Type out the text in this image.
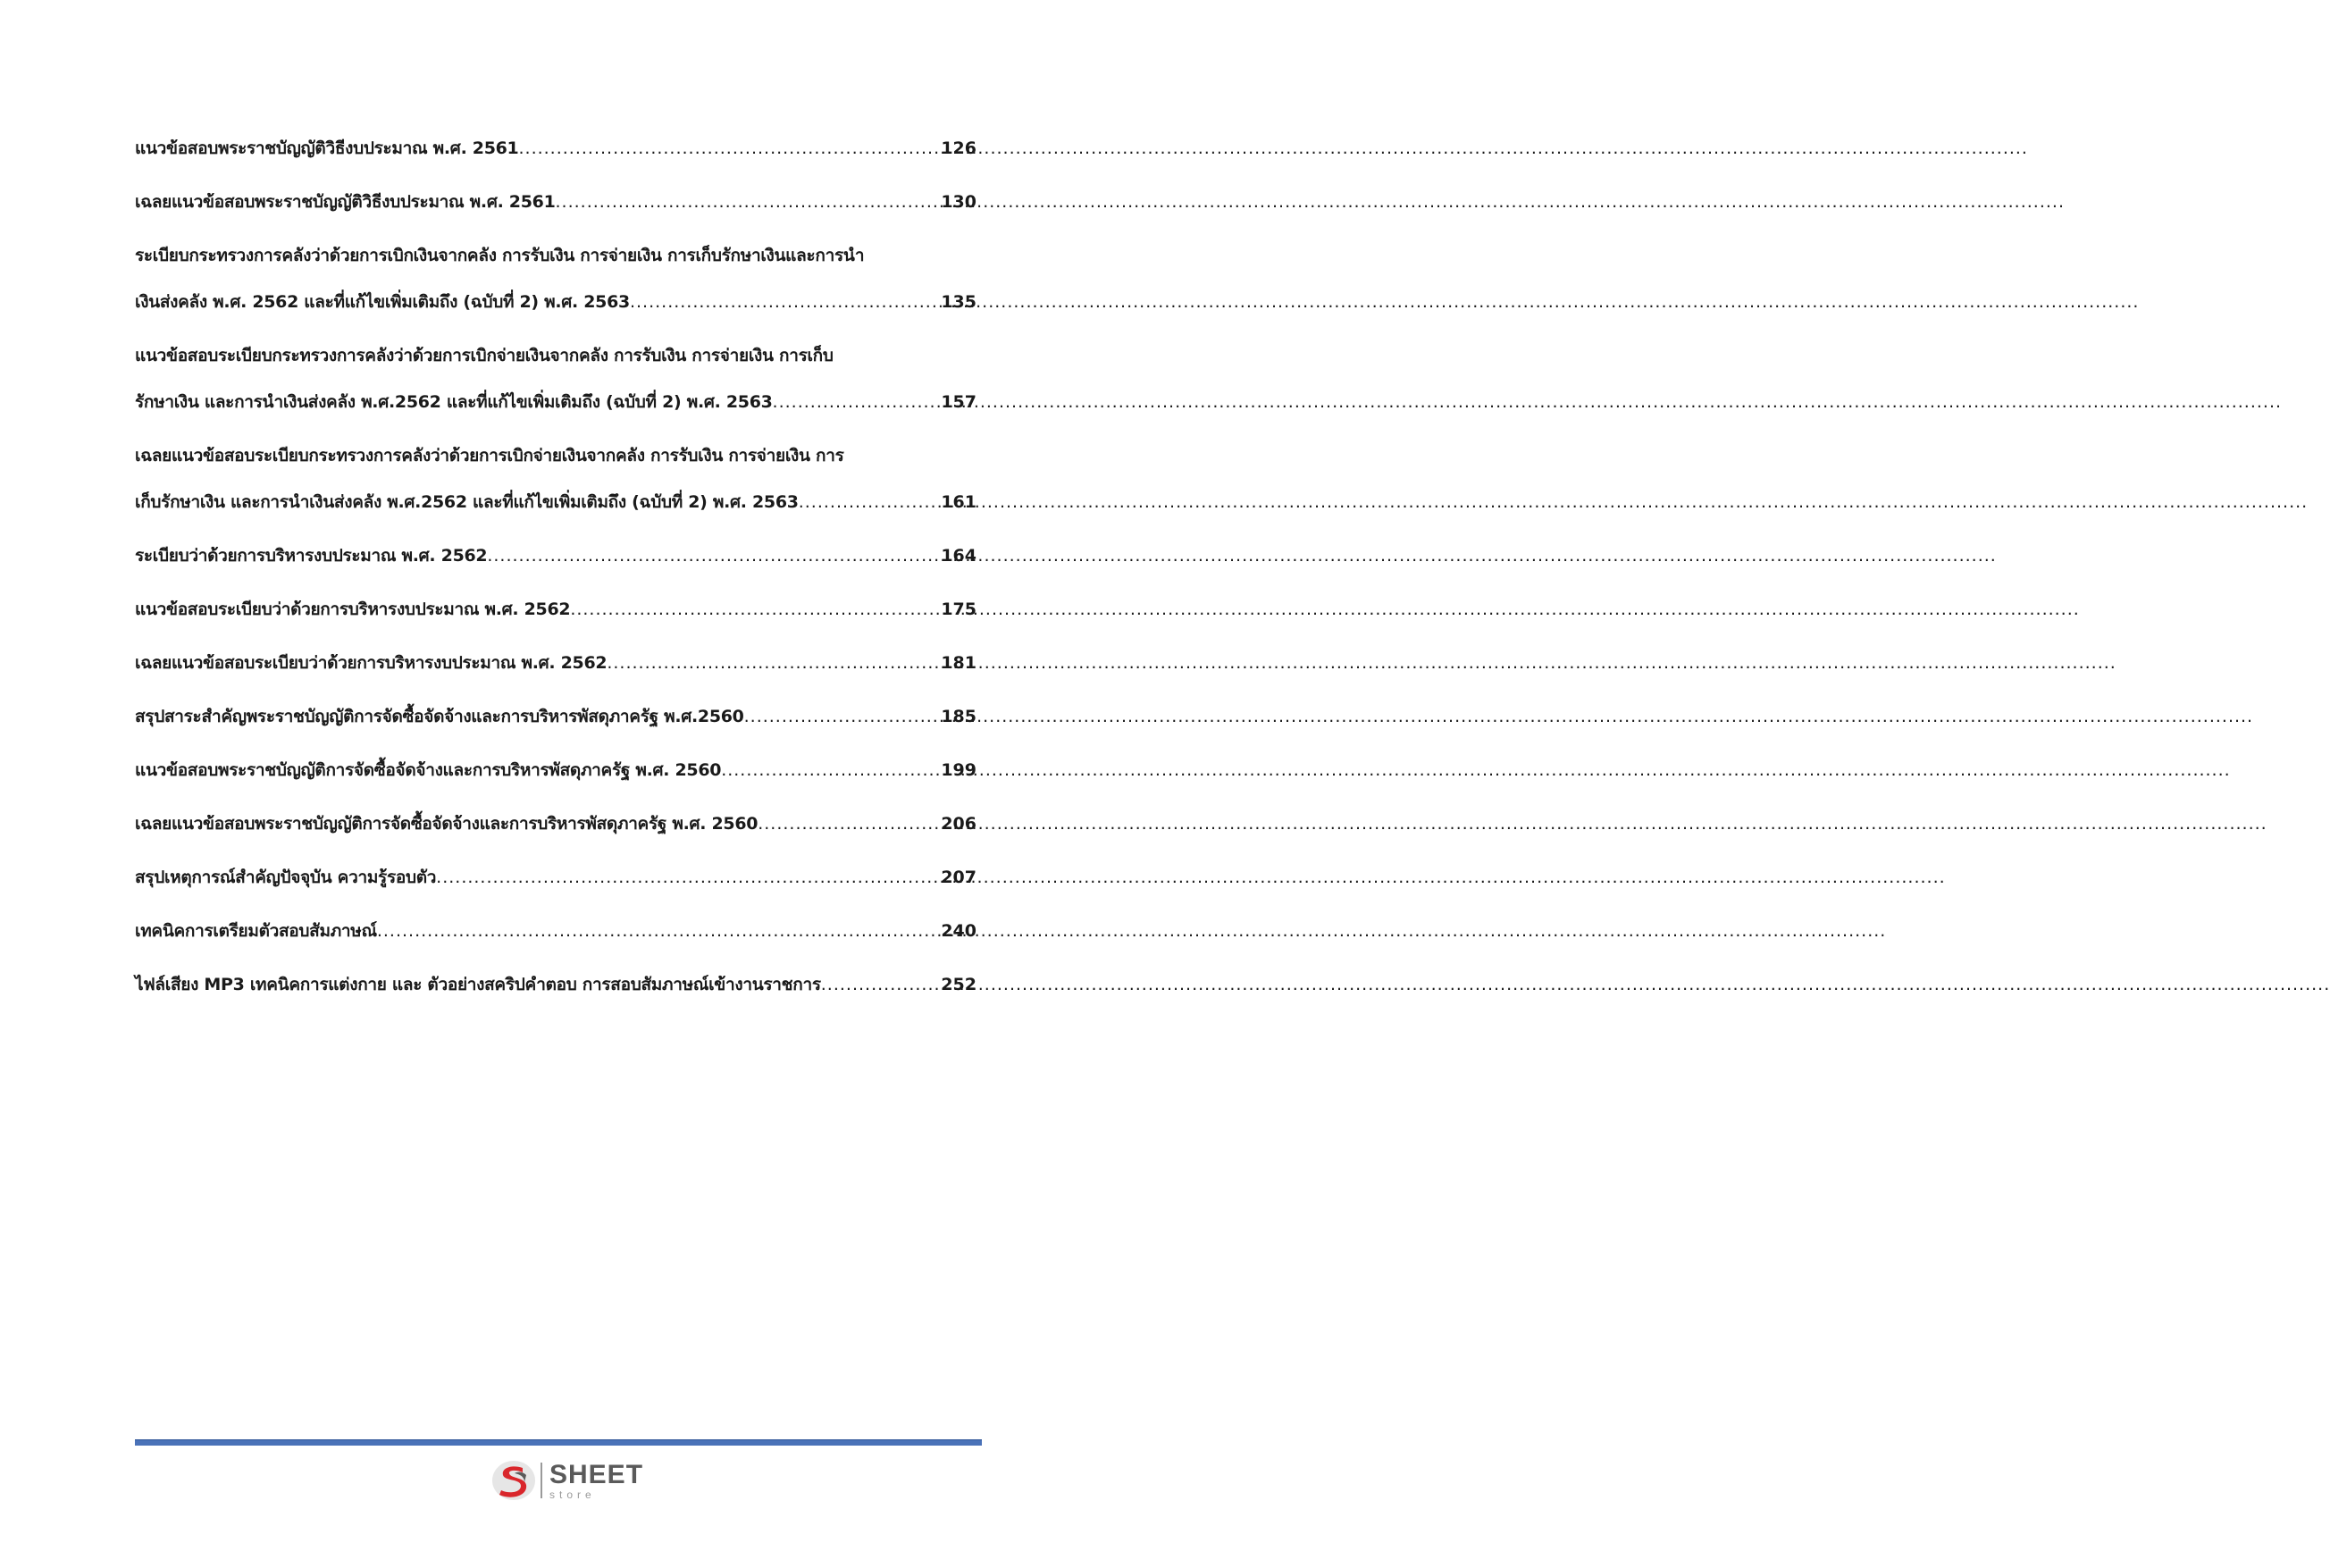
แนวข้อสอบพระราชบัญญัติวิธีงบประมาณ พ.ศ. 2561 .....	126
เฉลยแนวข้อสอบพระราชบัญญัติวิธีงบประมาณ พ.ศ. 2561 .....	130
ระเบียบกระทรวงการคลังว่าด้วยการเบิกเงินจากคลัง การรับเงิน การจ่ายเงิน การเก็บรักษาเงินและการนำ
เงินส่งคลัง พ.ศ. 2562 และที่แก้ไขเพิ่มเติมถึง (ฉบับที่ 2) พ.ศ. 2563 .....	135
แนวข้อสอบระเบียบกระทรวงการคลังว่าด้วยการเบิกจ่ายเงินจากคลัง การรับเงิน การจ่ายเงิน การเก็บ
รักษาเงิน และการนำเงินส่งคลัง พ.ศ.2562 และที่แก้ไขเพิ่มเติมถึง (ฉบับที่ 2) พ.ศ. 2563 .....	157
เฉลยแนวข้อสอบระเบียบกระทรวงการคลังว่าด้วยการเบิกจ่ายเงินจากคลัง การรับเงิน การจ่ายเงิน การ
เก็บรักษาเงิน และการนำเงินส่งคลัง พ.ศ.2562 และที่แก้ไขเพิ่มเติมถึง (ฉบับที่ 2) พ.ศ. 2563 .....	161
ระเบียบว่าด้วยการบริหารงบประมาณ พ.ศ. 2562 .....	164
แนวข้อสอบระเบียบว่าด้วยการบริหารงบประมาณ พ.ศ. 2562 .....	175
เฉลยแนวข้อสอบระเบียบว่าด้วยการบริหารงบประมาณ พ.ศ. 2562 .....	181
สรุปสาระสำคัญพระราชบัญญัติการจัดซื้อจัดจ้างและการบริหารพัสดุภาครัฐ พ.ศ.2560 .....	185
แนวข้อสอบพระราชบัญญัติการจัดซื้อจัดจ้างและการบริหารพัสดุภาครัฐ พ.ศ. 2560 .....	199
เฉลยแนวข้อสอบพระราชบัญญัติการจัดซื้อจัดจ้างและการบริหารพัสดุภาครัฐ พ.ศ. 2560 .....	206
สรุปเหตุการณ์สำคัญปัจจุบัน ความรู้รอบตัว .....	207
เทคนิคการเตรียมตัวสอบสัมภาษณ์ .....	240
ไฟล์เสียง MP3 เทคนิคการแต่งกาย และ ตัวอย่างสคริปคำตอบ การสอบสัมภาษณ์เข้างานราชการ .....	252
SHEET
store
